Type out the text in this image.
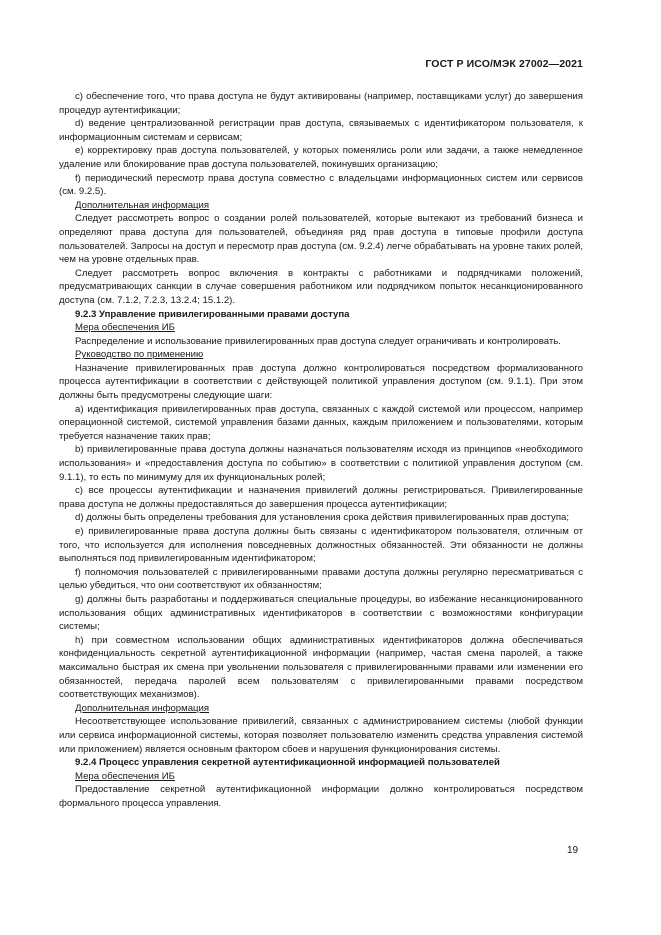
ГОСТ Р ИСО/МЭК 27002—2021

c) обеспечение того, что права доступа не будут активированы (например, поставщиками услуг) до завершения процедур аутентификации;

d) ведение централизованной регистрации прав доступа, связываемых с идентификатором пользователя, к информационным системам и сервисам;

e) корректировку прав доступа пользователей, у которых поменялись роли или задачи, а также немедленное удаление или блокирование прав доступа пользователей, покинувших организацию;

f) периодический пересмотр права доступа совместно с владельцами информационных систем или сервисов (см. 9.2.5).

Дополнительная информация

Следует рассмотреть вопрос о создании ролей пользователей, которые вытекают из требований бизнеса и определяют права доступа для пользователей, объединяя ряд прав доступа в типовые профили доступа пользователей. Запросы на доступ и пересмотр прав доступа (см. 9.2.4) легче обрабатывать на уровне таких ролей, чем на уровне отдельных прав.

Следует рассмотреть вопрос включения в контракты с работниками и подрядчиками положений, предусматривающих санкции в случае совершения работником или подрядчиком попыток несанкционированного доступа (см. 7.1.2, 7.2.3, 13.2.4; 15.1.2).

9.2.3 Управление привилегированными правами доступа

Мера обеспечения ИБ

Распределение и использование привилегированных прав доступа следует ограничивать и контролировать.

Руководство по применению

Назначение привилегированных прав доступа должно контролироваться посредством формализованного процесса аутентификации в соответствии с действующей политикой управления доступом (см. 9.1.1). При этом должны быть предусмотрены следующие шаги:

a) идентификация привилегированных прав доступа, связанных с каждой системой или процессом, например операционной системой, системой управления базами данных, каждым приложением и пользователями, которым требуется назначение таких прав;

b) привилегированные права доступа должны назначаться пользователям исходя из принципов «необходимого использования» и «предоставления доступа по событию» в соответствии с политикой управления доступом (см. 9.1.1), то есть по минимуму для их функциональных ролей;

c) все процессы аутентификации и назначения привилегий должны регистрироваться. Привилегированные права доступа не должны предоставляться до завершения процесса аутентификации;

d) должны быть определены требования для установления срока действия привилегированных прав доступа;

e) привилегированные права доступа должны быть связаны с идентификатором пользователя, отличным от того, что используется для исполнения повседневных должностных обязанностей. Эти обязанности не должны выполняться под привилегированным идентификатором;

f) полномочия пользователей с привилегированными правами доступа должны регулярно пересматриваться с целью убедиться, что они соответствуют их обязанностям;

g) должны быть разработаны и поддерживаться специальные процедуры, во избежание несанкционированного использования общих административных идентификаторов в соответствии с возможностями конфигурации системы;

h) при совместном использовании общих административных идентификаторов должна обеспечиваться конфиденциальность секретной аутентификационной информации (например, частая смена паролей, а также максимально быстрая их смена при увольнении пользователя с привилегированными правами или изменении его обязанностей, передача паролей всем пользователям с привилегированными правами посредством соответствующих механизмов).

Дополнительная информация

Несоответствующее использование привилегий, связанных с администрированием системы (любой функции или сервиса информационной системы, которая позволяет пользователю изменить средства управления системой или приложением) является основным фактором сбоев и нарушения функционирования системы.

9.2.4 Процесс управления секретной аутентификационной информацией пользователей

Мера обеспечения ИБ

Предоставление секретной аутентификационной информации должно контролироваться посредством формального процесса управления.

19
